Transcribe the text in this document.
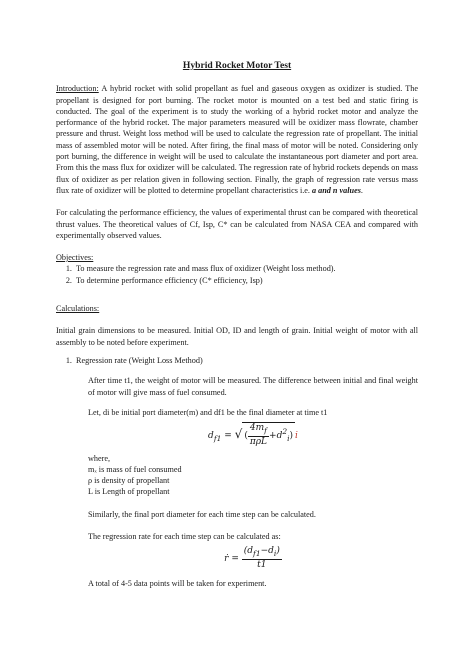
Hybrid Rocket Motor Test

Introduction: A hybrid rocket with solid propellant as fuel and gaseous oxygen as oxidizer is studied. The propellant is designed for port burning. The rocket motor is mounted on a test bed and static firing is conducted. The goal of the experiment is to study the working of a hybrid rocket motor and analyze the performance of the hybrid rocket. The major parameters measured will be oxidizer mass flowrate, chamber pressure and thrust. Weight loss method will be used to calculate the regression rate of propellant. The initial mass of assembled motor will be noted. After firing, the final mass of motor will be noted. Considering only port burning, the difference in weight will be used to calculate the instantaneous port diameter and port area. From this the mass flux for oxidizer will be calculated. The regression rate of hybrid rockets depends on mass flux of oxidizer as per relation given in following section. Finally, the graph of regression rate versus mass flux rate of oxidizer will be plotted to determine propellant characteristics i.e. a and n values.

For calculating the performance efficiency, the values of experimental thrust can be compared with theoretical thrust values. The theoretical values of Cf, Isp, C* can be calculated from NASA CEA and compared with experimentally observed values.

Objectives:
1. To measure the regression rate and mass flux of oxidizer (Weight loss method).
2. To determine performance efficiency (C* efficiency, Isp)
Calculations:

Initial grain dimensions to be measured. Initial OD, ID and length of grain. Initial weight of motor with all assembly to be noted before experiment.

1. Regression rate (Weight Loss Method)

After time t1, the weight of motor will be measured. The difference between initial and final weight of motor will give mass of fuel consumed.

Let, di be initial port diameter(m) and df1 be the final diameter at time t1

$d_{f1}$ = √ ( $\frac{4m_f}{\text{πρL}} +d^2_i$) i
where,
mₓ is mass of fuel consumed
ρ is density of propellant
L is Length of propellant

Similarly, the final port diameter for each time step can be calculated.

The regression rate for each time step can be calculated as:

ṙ = $\frac{(d_{f1}-d_i)}{t1}$

A total of 4-5 data points will be taken for experiment.
